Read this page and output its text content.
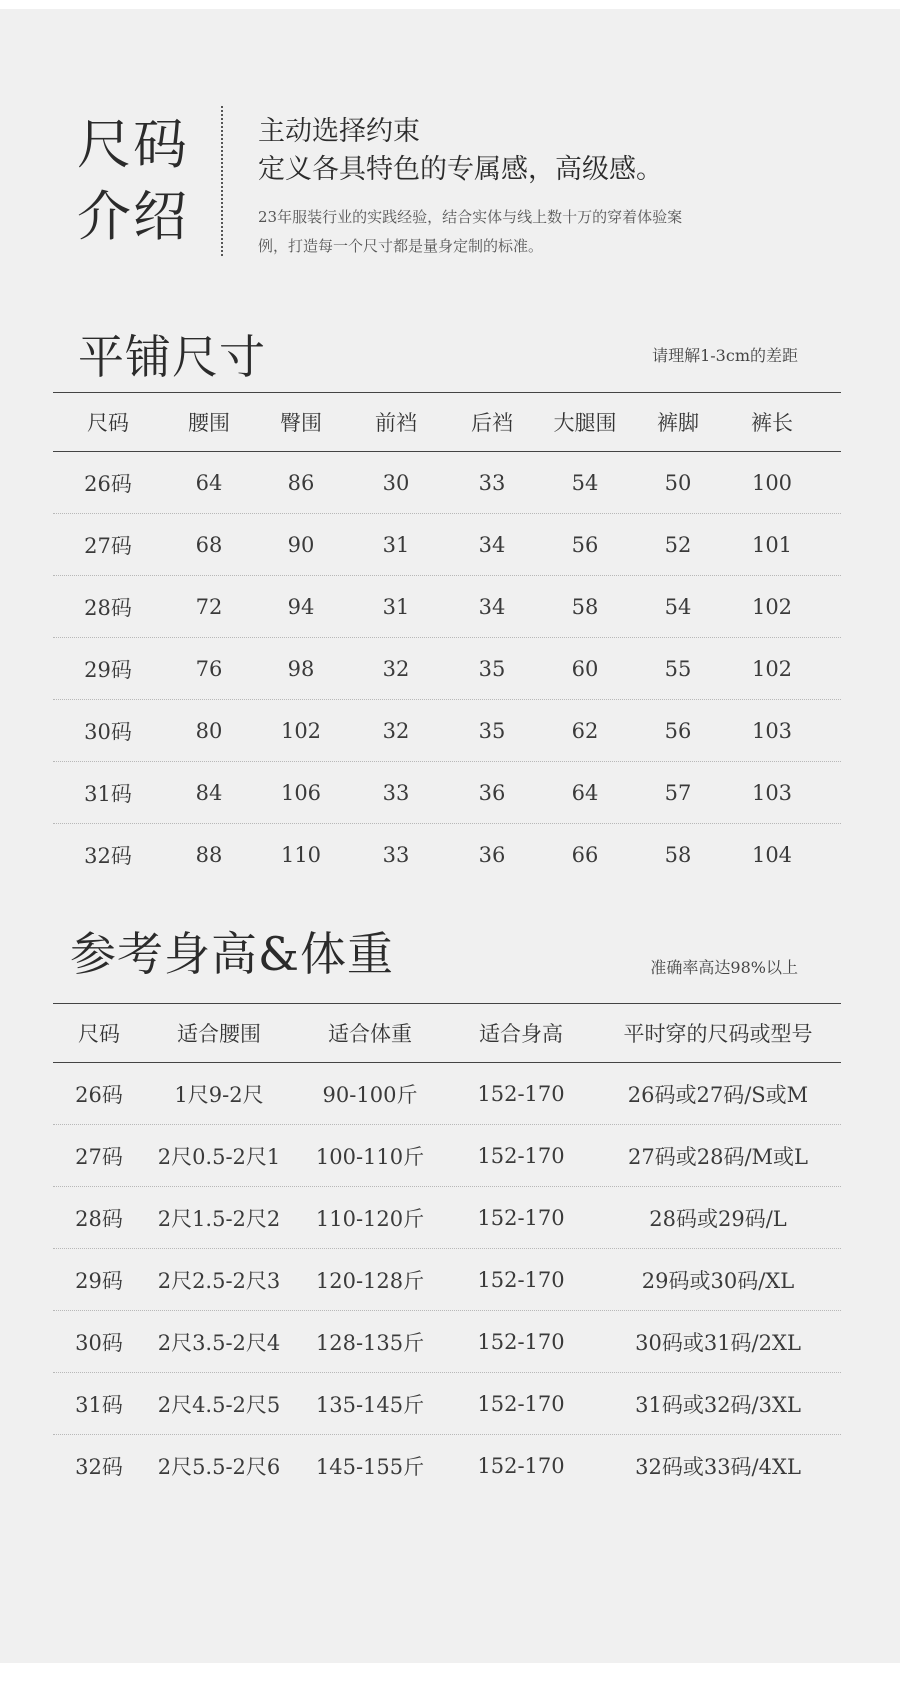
尺码
介绍

主动选择约束
定义各具特色的专属感，高级感。

23年服装行业的实践经验，结合实体与线上数十万的穿着体验案
例，打造每一个尺寸都是量身定制的标准。

平铺尺寸	请理解1-3cm的差距
尺码	腰围	臀围	前裆	后裆	大腿围	裤脚	裤长
26码	64	86	30	33	54	50	100
27码	68	90	31	34	56	52	101
28码	72	94	31	34	58	54	102
29码	76	98	32	35	60	55	102
30码	80	102	32	35	62	56	103
31码	84	106	33	36	64	57	103
32码	88	110	33	36	66	58	104
参考身高&体重	准确率高达98%以上
尺码	适合腰围	适合体重	适合身高	平时穿的尺码或型号
26码	1尺9-2尺	90-100斤	152-170	26码或27码/S或M
27码	2尺0.5-2尺1	100-110斤	152-170	27码或28码/M或L
28码	2尺1.5-2尺2	110-120斤	152-170	28码或29码/L
29码	2尺2.5-2尺3	120-128斤	152-170	29码或30码/XL
30码	2尺3.5-2尺4	128-135斤	152-170	30码或31码/2XL
31码	2尺4.5-2尺5	135-145斤	152-170	31码或32码/3XL
32码	2尺5.5-2尺6	145-155斤	152-170	32码或33码/4XL
